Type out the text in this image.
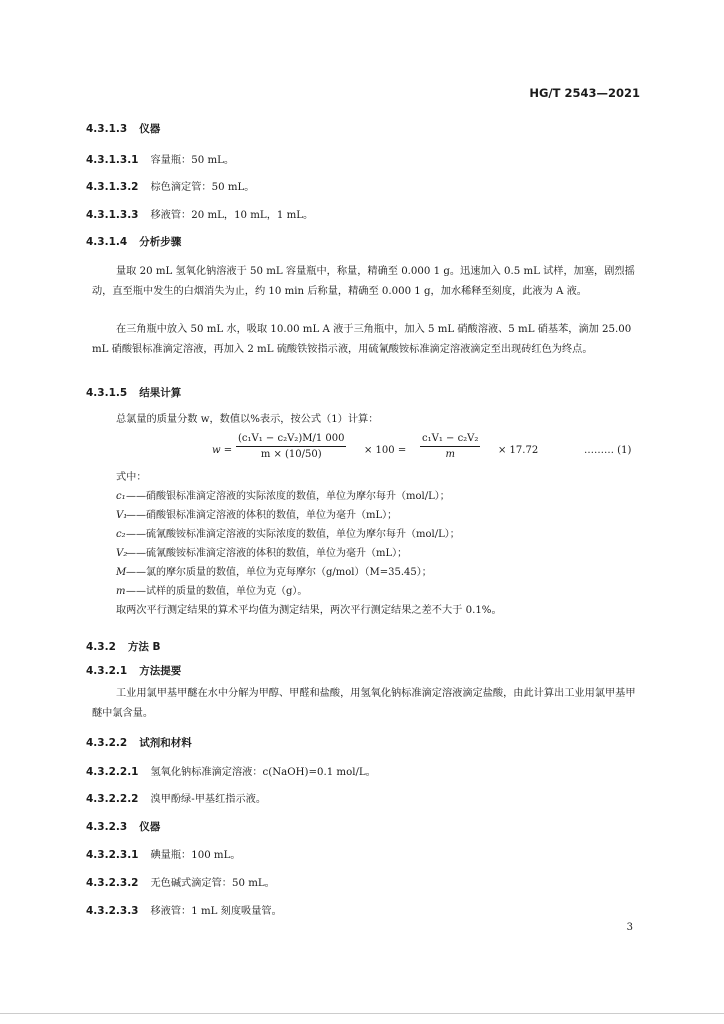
HG/T 2543—2021
4.3.1.3 仪器
4.3.1.3.1 容量瓶：50 mL。
4.3.1.3.2 棕色滴定管：50 mL。
4.3.1.3.3 移液管：20 mL，10 mL，1 mL。
4.3.1.4 分析步骤
量取 20 mL 氢氧化钠溶液于 50 mL 容量瓶中，称量，精确至 0.000 1 g。迅速加入 0.5 mL 试样，加塞，剧烈摇动，直至瓶中发生的白烟消失为止，约 10 min 后称量，精确至 0.000 1 g，加水稀释至刻度，此液为 A 液。
在三角瓶中放入 50 mL 水，吸取 10.00 mL A 液于三角瓶中，加入 5 mL 硝酸溶液、5 mL 硝基苯，滴加 25.00 mL 硝酸银标准滴定溶液，再加入 2 mL 硫酸铁铵指示液，用硫氰酸铵标准滴定溶液滴定至出现砖红色为终点。
4.3.1.5 结果计算
总氯量的质量分数 w，数值以%表示，按公式（1）计算：
$w = \frac{\text{(c₁V₁ − c₂V₂)M/1 000}}{m \times (10/50)} \times 100 = \frac{\text{c₁V₁ − c₂V₂}}{m} \times 17.72$	……… (1)
式中：
c₁——硝酸银标准滴定溶液的实际浓度的数值，单位为摩尔每升（mol/L）；
V₁——硝酸银标准滴定溶液的体积的数值，单位为毫升（mL）；
c₂——硫氰酸铵标准滴定溶液的实际浓度的数值，单位为摩尔每升（mol/L）；
V₂——硫氰酸铵标准滴定溶液的体积的数值，单位为毫升（mL）；
M——氯的摩尔质量的数值，单位为克每摩尔（g/mol）（M=35.45）；
m——试样的质量的数值，单位为克（g）。
取两次平行测定结果的算术平均值为测定结果，两次平行测定结果之差不大于 0.1%。
4.3.2 方法 B
4.3.2.1 方法提要
工业用氯甲基甲醚在水中分解为甲醇、甲醛和盐酸，用氢氧化钠标准滴定溶液滴定盐酸，由此计算出工业用氯甲基甲醚中氯含量。
4.3.2.2 试剂和材料
4.3.2.2.1 氢氧化钠标准滴定溶液：c(NaOH)=0.1 mol/L。
4.3.2.2.2 溴甲酚绿-甲基红指示液。
4.3.2.3 仪器
4.3.2.3.1 碘量瓶：100 mL。
4.3.2.3.2 无色碱式滴定管：50 mL。
4.3.2.3.3 移液管：1 mL 刻度吸量管。
3
